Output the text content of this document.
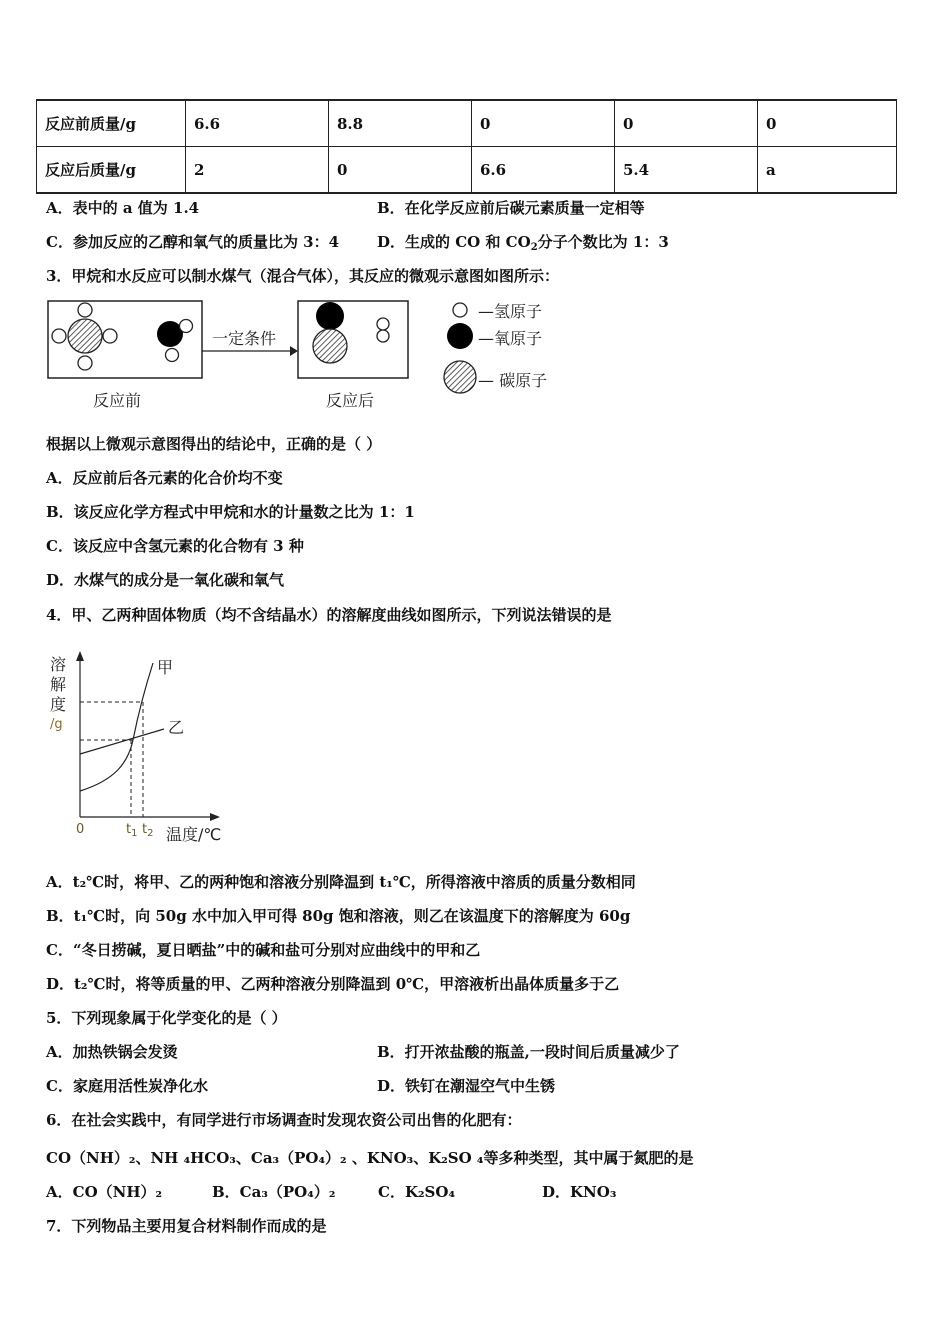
反应前质量/g	6.6	8.8	0	0	0
反应后质量/g	2	0	6.6	5.4	a
A．表中的 a 值为 1.4	B．在化学反应前后碳元素质量一定相等
C．参加反应的乙醇和氧气的质量比为 3：4	D．生成的 CO 和 $CO_2$分子个数比为 1：3
3．甲烷和水反应可以制水煤气（混合气体），其反应的微观示意图如图所示：
一定条件
反应前	反应后
—氢原子
—氧原子
— 碳原子
根据以上微观示意图得出的结论中，正确的是（ ）
A．反应前后各元素的化合价均不变
B．该反应化学方程式中甲烷和水的计量数之比为 1：1
C．该反应中含氢元素的化合物有 3 种
D．水煤气的成分是一氧化碳和氧气
4．甲、乙两种固体物质（均不含结晶水）的溶解度曲线如图所示，下列说法错误的是
溶
解
度
/g
甲
乙
0	$t_1$ $t_2$ 温度/℃
A．t₂℃时，将甲、乙的两种饱和溶液分别降温到 t₁℃，所得溶液中溶质的质量分数相同
B．t₁℃时，向 50g 水中加入甲可得 80g 饱和溶液，则乙在该温度下的溶解度为 60g
C．“冬日捞碱，夏日晒盐”中的碱和盐可分别对应曲线中的甲和乙
D．t₂℃时，将等质量的甲、乙两种溶液分别降温到 0℃，甲溶液析出晶体质量多于乙
5．下列现象属于化学变化的是（ ）
A．加热铁锅会发烫	B．打开浓盐酸的瓶盖,一段时间后质量减少了
C．家庭用活性炭净化水	D．铁钉在潮湿空气中生锈
6．在社会实践中，有同学进行市场调查时发现农资公司出售的化肥有：
CO（NH）₂、NH ₄HCO₃、Ca₃（PO₄）₂ 、KNO₃、K₂SO ₄等多种类型，其中属于氮肥的是
A．CO（NH）₂	B．Ca₃（PO₄）₂	C．K₂SO₄	D．KNO₃
7．下列物品主要用复合材料制作而成的是
